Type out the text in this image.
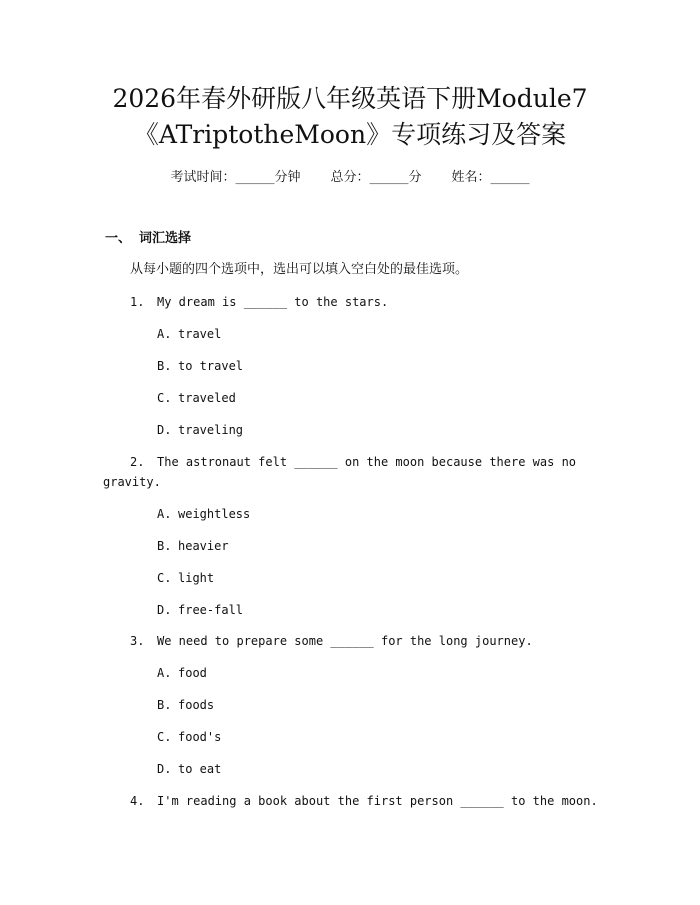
2026年春外研版八年级英语下册Module7
《ATriptotheMoon》专项练习及答案
考试时间：______分钟 总分：______分 姓名：______
一、 词汇选择
从每小题的四个选项中，选出可以填入空白处的最佳选项。
1. My dream is ______ to the stars.
A. travel
B. to travel
C. traveled
D. traveling
2. The astronaut felt ______ on the moon because there was no
gravity.
A. weightless
B. heavier
C. light
D. free-fall
3. We need to prepare some ______ for the long journey.
A. food
B. foods
C. food's
D. to eat
4. I'm reading a book about the first person ______ to the moon.
